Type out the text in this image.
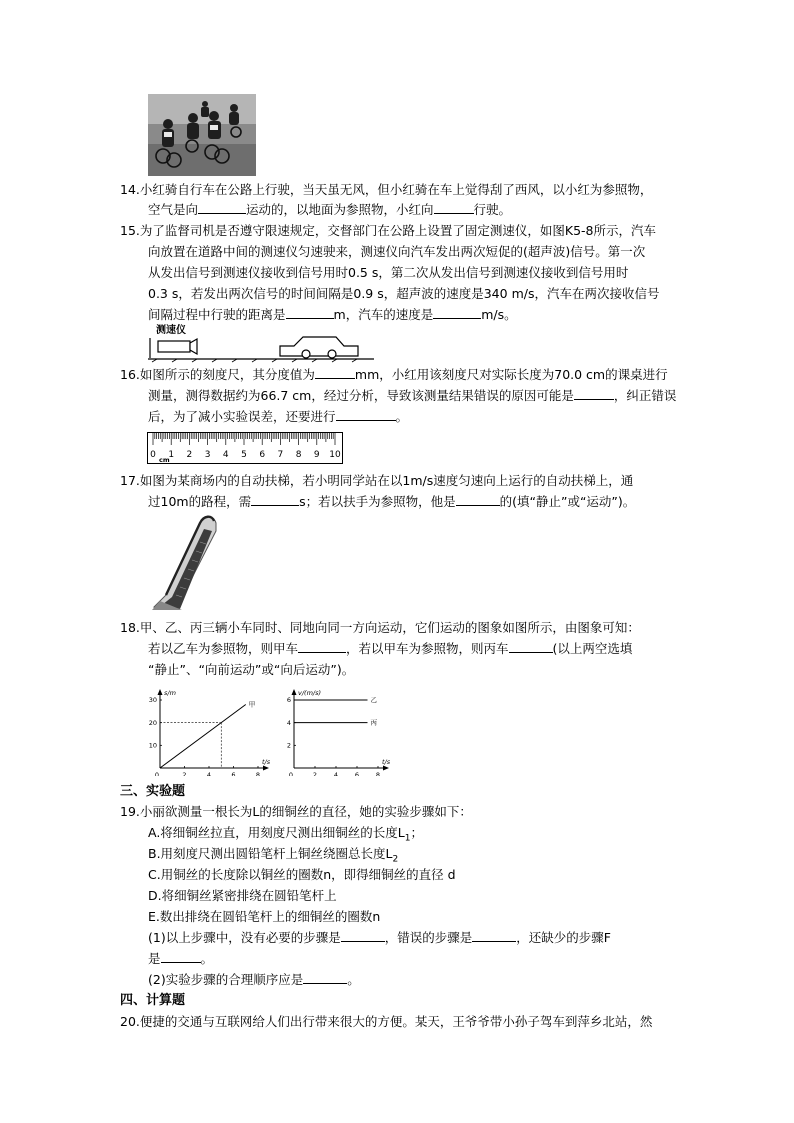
14.小红骑自行车在公路上行驶，当天虽无风，但小红骑在车上觉得刮了西风，以小红为参照物，
空气是向	运动的，以地面为参照物，小红向	行驶。
15.为了监督司机是否遵守限速规定，交督部门在公路上设置了固定测速仪，如图K5-8所示，汽车
向放置在道路中间的测速仪匀速驶来，测速仪向汽车发出两次短促的(超声波)信号。第一次
从发出信号到测速仪接收到信号用时0.5 s，第二次从发出信号到测速仪接收到信号用时
0.3 s，若发出两次信号的时间间隔是0.9 s，超声波的速度是340 m/s，汽车在两次接收信号
间隔过程中行驶的距离是	m，汽车的速度是	m/s。
测速仪
16.如图所示的刻度尺，其分度值为	mm，小红用该刻度尺对实际长度为70.0 cm的课桌进行
测量，测得数据约为66.7 cm，经过分析，导致该测量结果错误的原因可能是	，纠正错误
后，为了减小实验误差，还要进行	。
0 1 2 3 4 5 6 7 8 9 10
cm
17.如图为某商场内的自动扶梯，若小明同学站在以1m/s速度匀速向上运行的自动扶梯上，通
过10m的路程，需	s；若以扶手为参照物，他是	的(填“静止”或“运动”)。
18.甲、乙、丙三辆小车同时、同地向同一方向运动，它们运动的图象如图所示，由图象可知：
若以乙车为参照物，则甲车	，若以甲车为参照物，则丙车	(以上两空选填
“静止”、“向前运动”或“向后运动”)。
0	2	4	6	8
10
20
30
s/m
t/s
甲
0	2	4	6	8
2
4
6
v/(m/s)
t/s
乙
丙
三、实验题
19.小丽欲测量一根长为L的细铜丝的直径，她的实验步骤如下：
A.将细铜丝拉直，用刻度尺测出细铜丝的长度$L_1$；
B.用刻度尺测出圆铅笔杆上铜丝绕圈总长度$L_2$
C.用铜丝的长度除以铜丝的圈数n，即得细铜丝的直径 d
D.将细铜丝紧密排绕在圆铅笔杆上
E.数出排绕在圆铅笔杆上的细铜丝的圈数n
(1)以上步骤中，没有必要的步骤是	，错误的步骤是	，还缺少的步骤F
是	。
(2)实验步骤的合理顺序应是	。
四、计算题
20.便捷的交通与互联网给人们出行带来很大的方便。某天，王爷爷带小孙子驾车到萍乡北站，然
